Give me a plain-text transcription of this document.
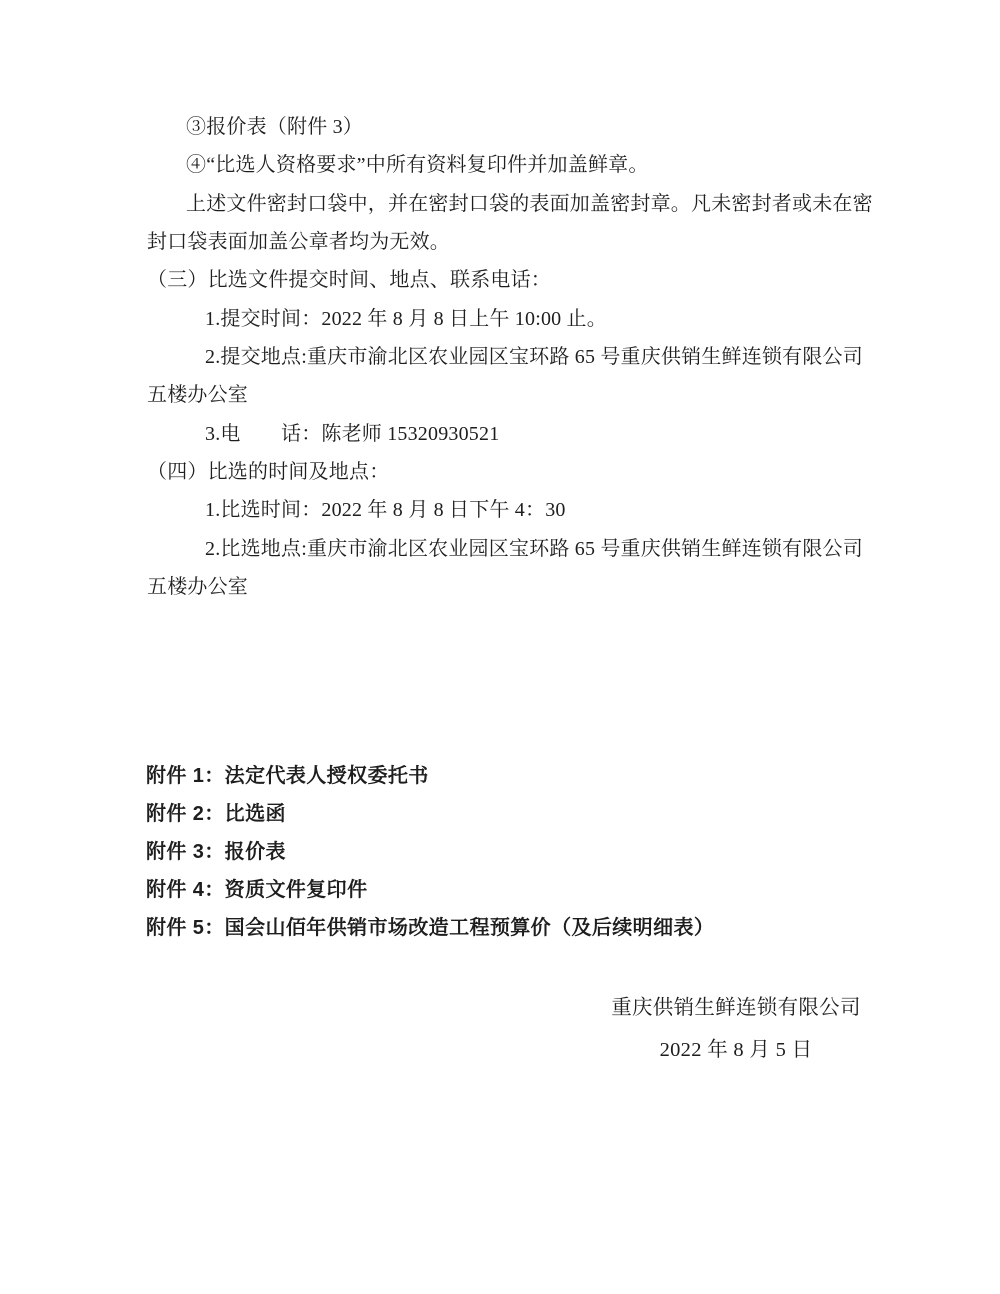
③报价表（附件 3）
④“比选人资格要求”中所有资料复印件并加盖鲜章。
上述文件密封口袋中，并在密封口袋的表面加盖密封章。凡未密封者或未在密
封口袋表面加盖公章者均为无效。
（三）比选文件提交时间、地点、联系电话：
1.提交时间：2022 年 8 月 8 日上午 10:00 止。
2.提交地点:重庆市渝北区农业园区宝环路 65 号重庆供销生鲜连锁有限公司
五楼办公室
3.电　　话：陈老师 15320930521
（四）比选的时间及地点：
1.比选时间：2022 年 8 月 8 日下午 4：30
2.比选地点:重庆市渝北区农业园区宝环路 65 号重庆供销生鲜连锁有限公司
五楼办公室
附件 1：法定代表人授权委托书
附件 2：比选函
附件 3：报价表
附件 4：资质文件复印件
附件 5：国会山佰年供销市场改造工程预算价（及后续明细表）
重庆供销生鲜连锁有限公司
2022 年 8 月 5 日
